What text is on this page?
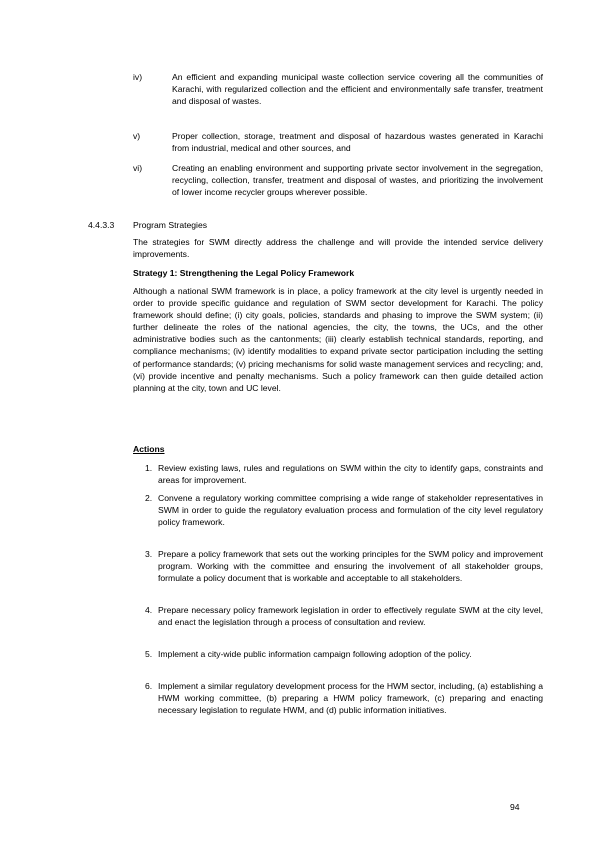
iv)	An efficient and expanding municipal waste collection service covering all the communities of Karachi, with regularized collection and the efficient and environmentally safe transfer, treatment and disposal of wastes.
v)	Proper collection, storage, treatment and disposal of hazardous wastes generated in Karachi from industrial, medical and other sources, and
vi)	Creating an enabling environment and supporting private sector involvement in the segregation, recycling, collection, transfer, treatment and disposal of wastes, and prioritizing the involvement of lower income recycler groups wherever possible.
4.4.3.3 Program Strategies
The strategies for SWM directly address the challenge and will provide the intended service delivery improvements.
Strategy 1: Strengthening the Legal Policy Framework
Although a national SWM framework is in place, a policy framework at the city level is urgently needed in order to provide specific guidance and regulation of SWM sector development for Karachi. The policy framework should define; (i) city goals, policies, standards and phasing to improve the SWM system; (ii) further delineate the roles of the national agencies, the city, the towns, the UCs, and the other administrative bodies such as the cantonments; (iii) clearly establish technical standards, reporting, and compliance mechanisms; (iv) identify modalities to expand private sector participation including the setting of performance standards; (v) pricing mechanisms for solid waste management services and recycling; and, (vi) provide incentive and penalty mechanisms. Such a policy framework can then guide detailed action planning at the city, town and UC level.
Actions
1. Review existing laws, rules and regulations on SWM within the city to identify gaps, constraints and areas for improvement.
2. Convene a regulatory working committee comprising a wide range of stakeholder representatives in SWM in order to guide the regulatory evaluation process and formulation of the city level regulatory policy framework.
3. Prepare a policy framework that sets out the working principles for the SWM policy and improvement program. Working with the committee and ensuring the involvement of all stakeholder groups, formulate a policy document that is workable and acceptable to all stakeholders.
4. Prepare necessary policy framework legislation in order to effectively regulate SWM at the city level, and enact the legislation through a process of consultation and review.
5. Implement a city-wide public information campaign following adoption of the policy.
6. Implement a similar regulatory development process for the HWM sector, including, (a) establishing a HWM working committee, (b) preparing a HWM policy framework, (c) preparing and enacting necessary legislation to regulate HWM, and (d) public information initiatives.
94
